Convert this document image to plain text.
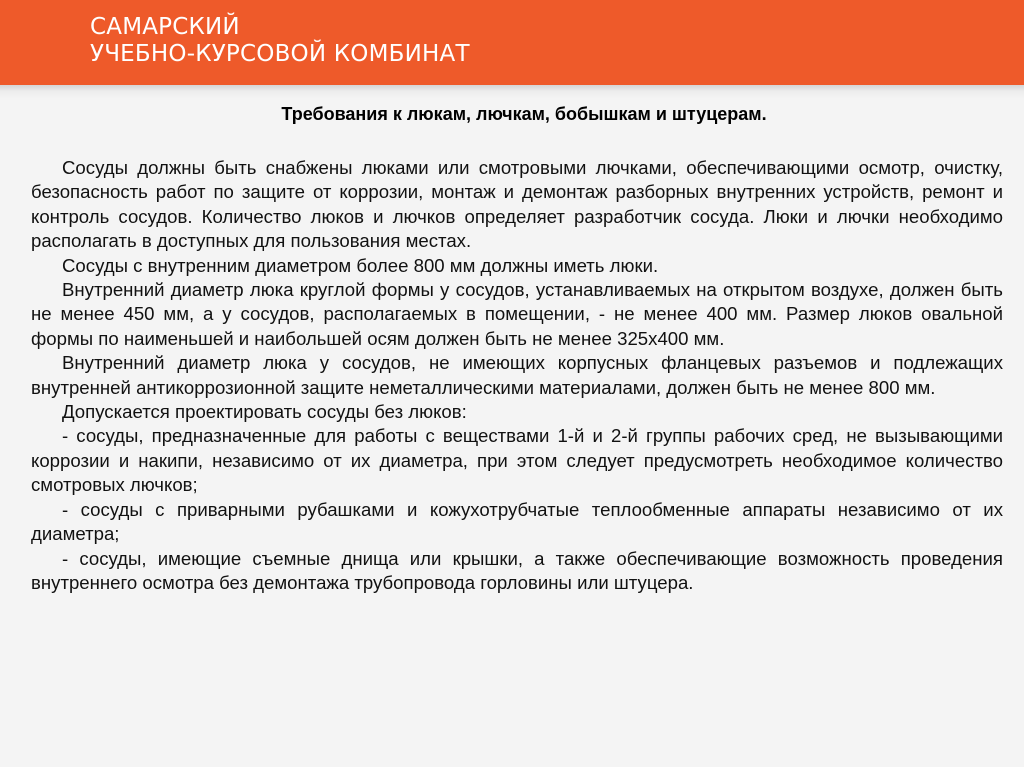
САМАРСКИЙ
УЧЕБНО-КУРСОВОЙ КОМБИНАТ
Требования к люкам, лючкам, бобышкам и штуцерам.

Сосуды должны быть снабжены люками или смотровыми лючками, обеспечивающими осмотр, очистку, безопасность работ по защите от коррозии, монтаж и демонтаж разборных внутренних устройств, ремонт и контроль сосудов. Количество люков и лючков определяет разработчик сосуда. Люки и лючки необходимо располагать в доступных для пользования местах.

Сосуды с внутренним диаметром более 800 мм должны иметь люки.

Внутренний диаметр люка круглой формы у сосудов, устанавливаемых на открытом воздухе, должен быть не менее 450 мм, а у сосудов, располагаемых в помещении, - не менее 400 мм. Размер люков овальной формы по наименьшей и наибольшей осям должен быть не менее 325х400 мм.

Внутренний диаметр люка у сосудов, не имеющих корпусных фланцевых разъемов и подлежащих внутренней антикоррозионной защите неметаллическими материалами, должен быть не менее 800 мм.

Допускается проектировать сосуды без люков:

- сосуды, предназначенные для работы с веществами 1-й и 2-й группы рабочих сред, не вызывающими коррозии и накипи, независимо от их диаметра, при этом следует предусмотреть необходимое количество смотровых лючков;

- сосуды с приварными рубашками и кожухотрубчатые теплообменные аппараты независимо от их диаметра;

- сосуды, имеющие съемные днища или крышки, а также обеспечивающие возможность проведения внутреннего осмотра без демонтажа трубопровода горловины или штуцера.
